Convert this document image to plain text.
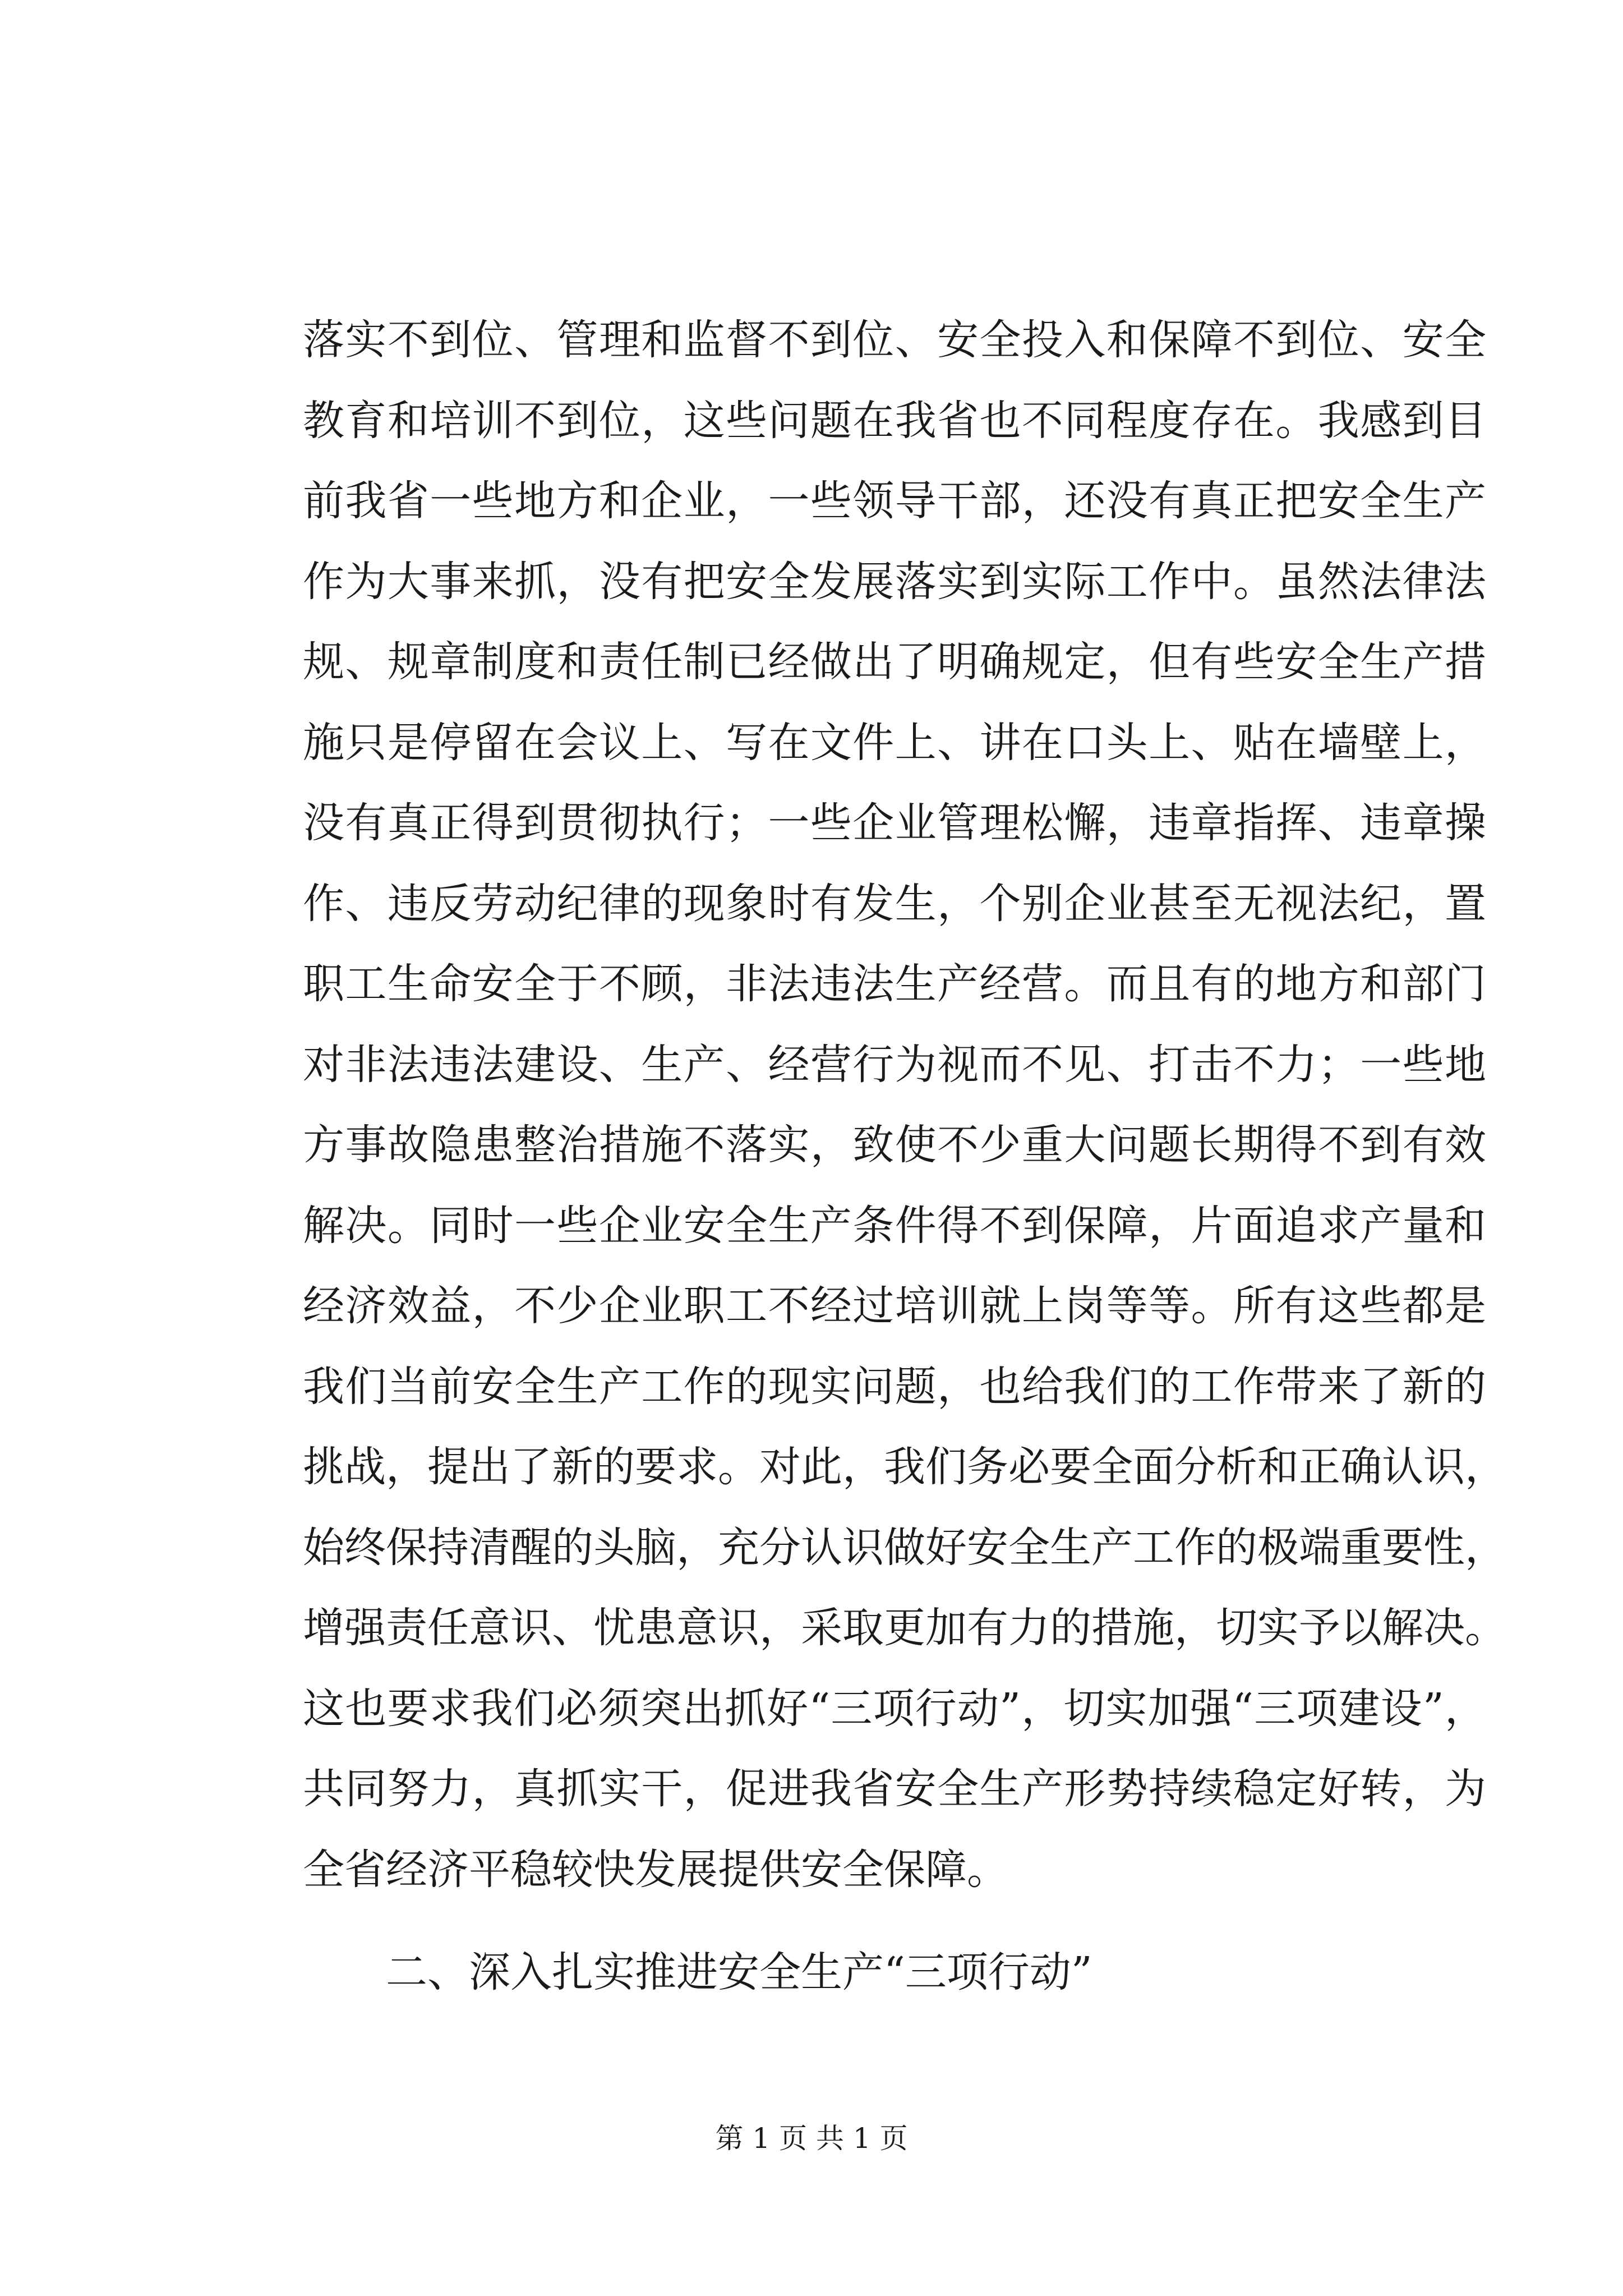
落实不到位、管理和监督不到位、安全投入和保障不到位、安全
教育和培训不到位，这些问题在我省也不同程度存在。我感到目
前我省一些地方和企业，一些领导干部，还没有真正把安全生产
作为大事来抓，没有把安全发展落实到实际工作中。虽然法律法
规、规章制度和责任制已经做出了明确规定，但有些安全生产措
施只是停留在会议上、写在文件上、讲在口头上、贴在墙壁上，
没有真正得到贯彻执行；一些企业管理松懈，违章指挥、违章操
作、违反劳动纪律的现象时有发生，个别企业甚至无视法纪，置
职工生命安全于不顾，非法违法生产经营。而且有的地方和部门
对非法违法建设、生产、经营行为视而不见、打击不力；一些地
方事故隐患整治措施不落实，致使不少重大问题长期得不到有效
解决。同时一些企业安全生产条件得不到保障，片面追求产量和
经济效益，不少企业职工不经过培训就上岗等等。所有这些都是
我们当前安全生产工作的现实问题，也给我们的工作带来了新的
挑战，提出了新的要求。对此，我们务必要全面分析和正确认识，
始终保持清醒的头脑，充分认识做好安全生产工作的极端重要性，
增强责任意识、忧患意识，采取更加有力的措施，切实予以解决。
这也要求我们必须突出抓好“三项行动”，切实加强“三项建设”，
共同努力，真抓实干，促进我省安全生产形势持续稳定好转，为
全省经济平稳较快发展提供安全保障。
二、深入扎实推进安全生产“三项行动”
第 1 页 共 1 页
